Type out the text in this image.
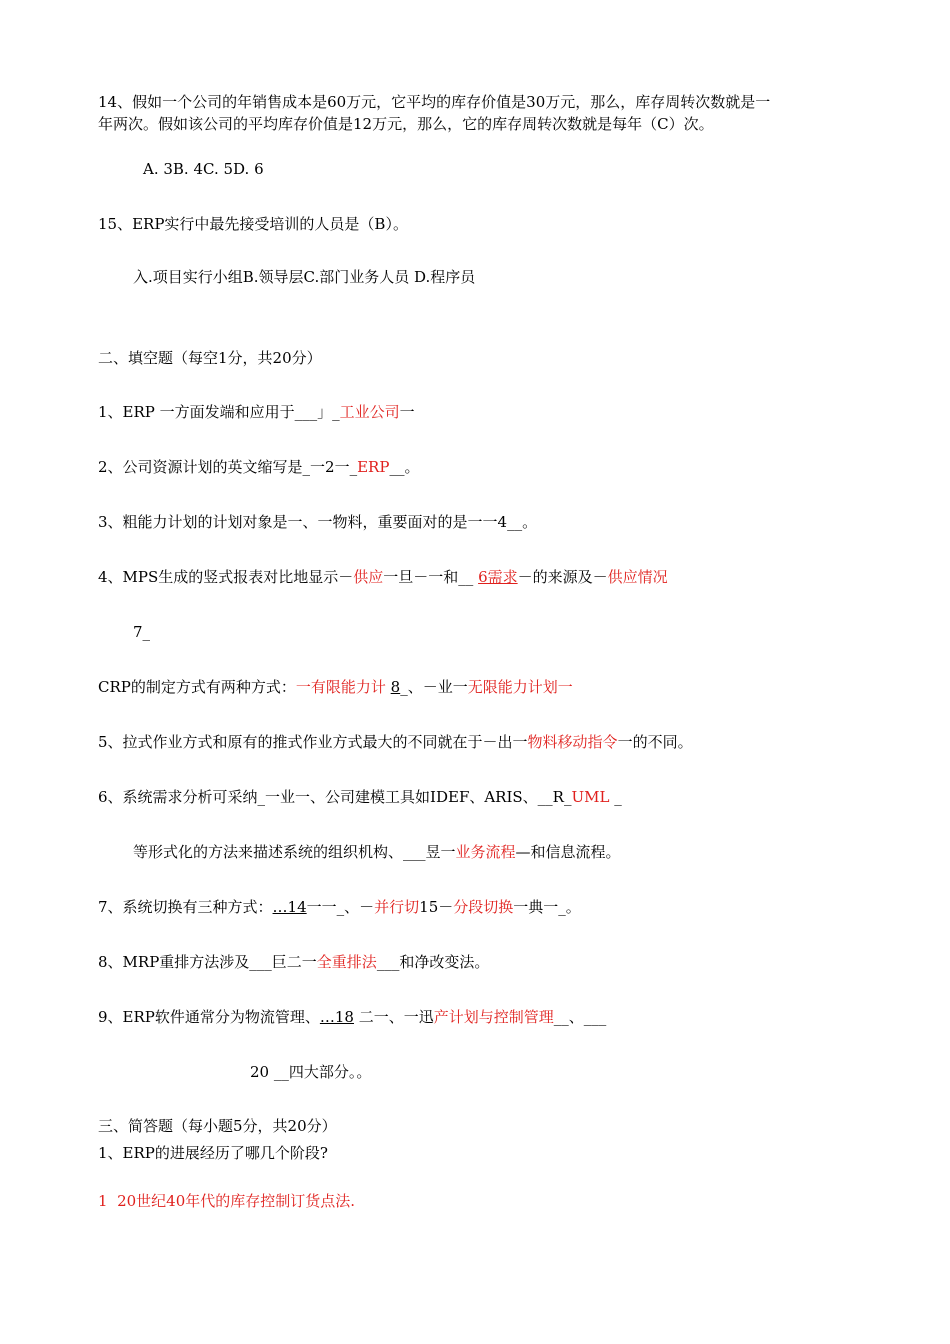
14、假如一个公司的年销售成本是60万元，它平均的库存价值是30万元，那么，库存周转次数就是一
年两次。假如该公司的平均库存价值是12万元，那么，它的库存周转次数就是每年（C）次。
A. 3B. 4C. 5D. 6
15、ERP实行中最先接受培训的人员是（B）。
入.项目实行小组B.领导层C.部门业务人员 D.程序员
二、填空题（每空1分，共20分）
1、ERP 一方面发端和应用于___」_工业公司一
2、公司资源计划的英文缩写是_一2一_ERP__。
3、粗能力计划的计划对象是一、一物料，重要面对的是一一4__。
4、MPS生成的竖式报表对比地显示－供应一旦－一和__ 6需求－的来源及－供应情况
7_
CRP的制定方式有两种方式：一有限能力计 8_、－业一无限能力计划一
5、拉式作业方式和原有的推式作业方式最大的不同就在于－出一物料移动指令一的不同。
6、系统需求分析可采纳_一业一、公司建模工具如IDEF、ARIS、__R_UML _
等形式化的方法来描述系统的组织机构、___昱一业务流程—和信息流程。
7、系统切换有三种方式：…14一一_、－并行切15－分段切换一典一_。
8、MRP重排方法涉及___巨二一全重排法___和净改变法。
9、ERP软件通常分为物流管理、…18 二一、一迅产计划与控制管理__、___
20 __四大部分。。
三、简答题（每小题5分，共20分）
1、ERP的进展经历了哪几个阶段?
1  20世纪40年代的库存控制订货点法.
